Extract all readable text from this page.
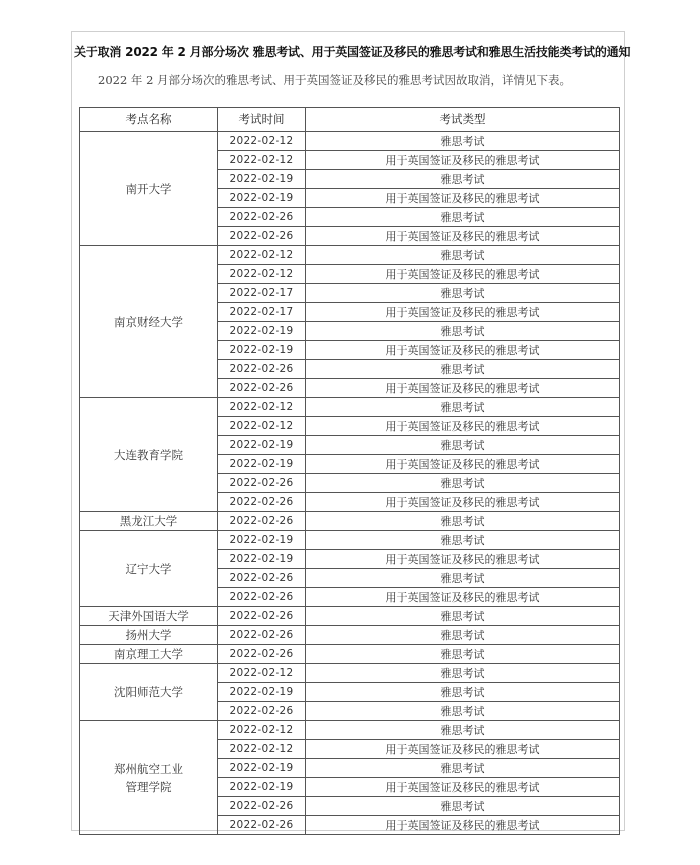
关于取消 2022 年 2 月部分场次 雅思考试、用于英国签证及移民的雅思考试和雅思生活技能类考试的通知

2022 年 2 月部分场次的雅思考试、用于英国签证及移民的雅思考试因故取消，详情见下表。

考点名称	考试时间	考试类型

南开大学	2022-02-12	雅思考试
	2022-02-12	用于英国签证及移民的雅思考试
	2022-02-19	雅思考试
	2022-02-19	用于英国签证及移民的雅思考试
	2022-02-26	雅思考试
	2022-02-26	用于英国签证及移民的雅思考试

南京财经大学	2022-02-12	雅思考试
	2022-02-12	用于英国签证及移民的雅思考试
	2022-02-17	雅思考试
	2022-02-17	用于英国签证及移民的雅思考试
	2022-02-19	雅思考试
	2022-02-19	用于英国签证及移民的雅思考试
	2022-02-26	雅思考试
	2022-02-26	用于英国签证及移民的雅思考试

大连教育学院	2022-02-12	雅思考试
	2022-02-12	用于英国签证及移民的雅思考试
	2022-02-19	雅思考试
	2022-02-19	用于英国签证及移民的雅思考试
	2022-02-26	雅思考试
	2022-02-26	用于英国签证及移民的雅思考试

黑龙江大学	2022-02-26	雅思考试

辽宁大学	2022-02-19	雅思考试
	2022-02-19	用于英国签证及移民的雅思考试
	2022-02-26	雅思考试
	2022-02-26	用于英国签证及移民的雅思考试

天津外国语大学	2022-02-26	雅思考试

扬州大学	2022-02-26	雅思考试

南京理工大学	2022-02-26	雅思考试

沈阳师范大学	2022-02-12	雅思考试
	2022-02-19	雅思考试
	2022-02-26	雅思考试

郑州航空工业
管理学院	2022-02-12	雅思考试
	2022-02-12	用于英国签证及移民的雅思考试
	2022-02-19	雅思考试
	2022-02-19	用于英国签证及移民的雅思考试
	2022-02-26	雅思考试
	2022-02-26	用于英国签证及移民的雅思考试
